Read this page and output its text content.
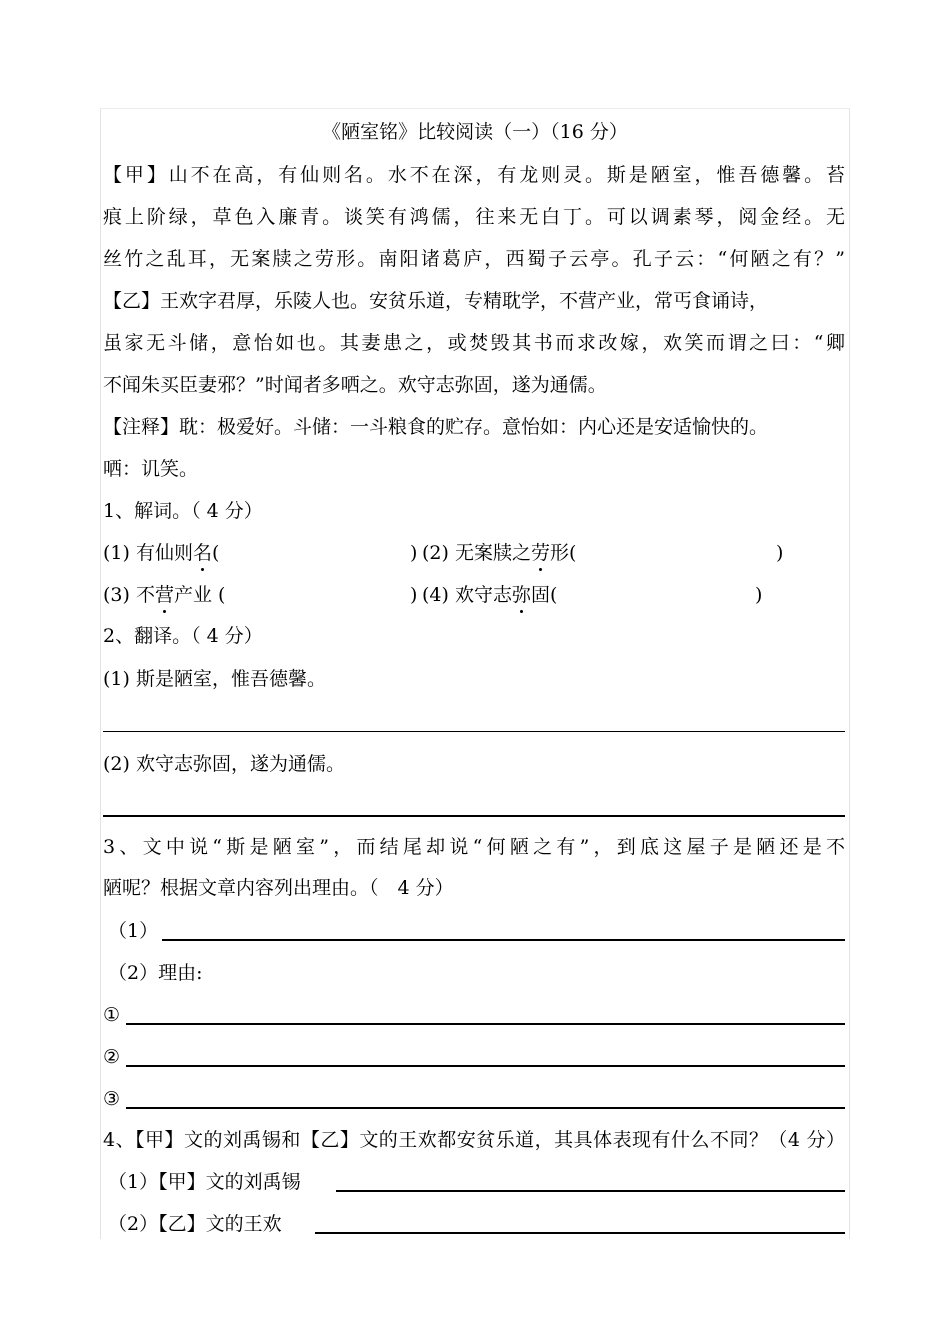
《陋室铭》比较阅读（一）（16 分）
【甲】山不在高，有仙则名。水不在深，有龙则灵。斯是陋室，惟吾德馨。苔
痕上阶绿，草色入廉青。谈笑有鸿儒，往来无白丁。可以调素琴，阅金经。无
丝竹之乱耳，无案牍之劳形。南阳诸葛庐，西蜀子云亭。孔子云：“何陋之有？”
【乙】王欢字君厚，乐陵人也。安贫乐道，专精耽学，不营产业，常丐食诵诗，
虽家无斗储，意怡如也。其妻患之，或焚毁其书而求改嫁，欢笑而谓之曰：“卿
不闻朱买臣妻邪？”时闻者多哂之。欢守志弥固，遂为通儒。
【注释】耽：极爱好。斗储：一斗粮食的贮存。意怡如：内心还是安适愉快的。
哂：讥笑。
1、解词。（ 4 分）
(1) 有仙则名(	) (2) 无案牍之劳形(	)
(3) 不营产业 (	) (4) 欢守志弥固(	)
2、翻译。（ 4 分）
(1) 斯是陋室，惟吾德馨。
(2) 欢守志弥固，遂为通儒。
3、文中说“斯是陋室”，而结尾却说“何陋之有”，到底这屋子是陋还是不
陋呢？根据文章内容列出理由。（　4 分）
（1）
（2）理由:
①
②
③
4、【甲】文的刘禹锡和【乙】文的王欢都安贫乐道，其具体表现有什么不同？（4 分）
（1）【甲】文的刘禹锡
（2）【乙】文的王欢
